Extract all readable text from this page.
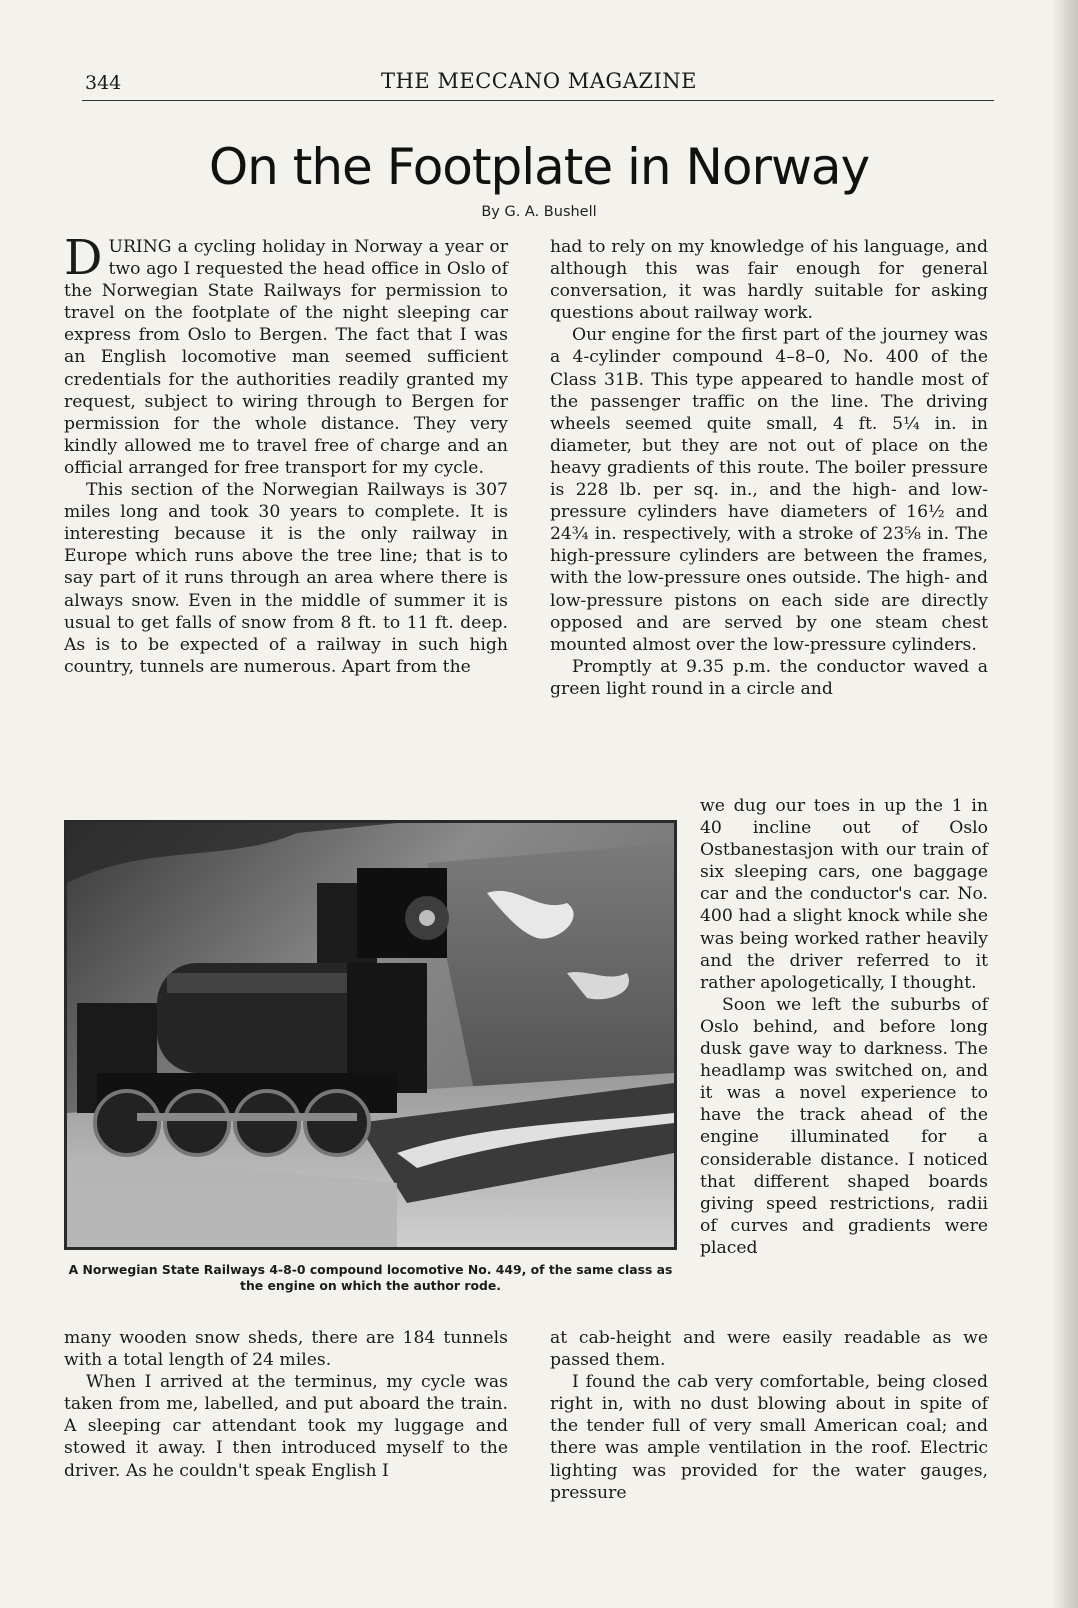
344	THE MECCANO MAGAZINE
On the Footplate in Norway
By G. A. Bushell

DURING a cycling holiday in Norway a year or two ago I requested the head office in Oslo of the Norwegian State Railways for permission to travel on the footplate of the night sleeping car express from Oslo to Bergen. The fact that I was an English locomotive man seemed sufficient credentials for the authorities readily granted my request, subject to wiring through to Bergen for permission for the whole distance. They very kindly allowed me to travel free of charge and an official arranged for free transport for my cycle.

This section of the Norwegian Railways is 307 miles long and took 30 years to complete. It is interesting because it is the only railway in Europe which runs above the tree line; that is to say part of it runs through an area where there is always snow. Even in the middle of summer it is usual to get falls of snow from 8 ft. to 11 ft. deep. As is to be expected of a railway in such high country, tunnels are numerous. Apart from the

had to rely on my knowledge of his language, and although this was fair enough for general conversation, it was hardly suitable for asking questions about railway work.

Our engine for the first part of the journey was a 4-cylinder compound 4–8–0, No. 400 of the Class 31B. This type appeared to handle most of the passenger traffic on the line. The driving wheels seemed quite small, 4 ft. 5¼ in. in diameter, but they are not out of place on the heavy gradients of this route. The boiler pressure is 228 lb. per sq. in., and the high- and low-pressure cylinders have diameters of 16½ and 24¾ in. respectively, with a stroke of 23⅝ in. The high-pressure cylinders are between the frames, with the low-pressure ones outside. The high- and low-pressure pistons on each side are directly opposed and are served by one steam chest mounted almost over the low-pressure cylinders.

Promptly at 9.35 p.m. the conductor waved a green light round in a circle and

we dug our toes in up the 1 in 40 incline out of Oslo Ostbanestasjon with our train of six sleeping cars, one baggage car and the conductor's car. No. 400 had a slight knock while she was being worked rather heavily and the driver referred to it rather apologetically, I thought.

Soon we left the suburbs of Oslo behind, and before long dusk gave way to darkness. The headlamp was switched on, and it was a novel experience to have the track ahead of the engine illuminated for a considerable distance. I noticed that different shaped boards giving speed restrictions, radii of curves and gradients were placed

A Norwegian State Railways 4-8-0 compound locomotive No. 449, of the same class as the engine on which the author rode.

many wooden snow sheds, there are 184 tunnels with a total length of 24 miles.

When I arrived at the terminus, my cycle was taken from me, labelled, and put aboard the train. A sleeping car attendant took my luggage and stowed it away. I then introduced myself to the driver. As he couldn't speak English I

at cab-height and were easily readable as we passed them.

I found the cab very comfortable, being closed right in, with no dust blowing about in spite of the tender full of very small American coal; and there was ample ventilation in the roof. Electric lighting was provided for the water gauges, pressure
